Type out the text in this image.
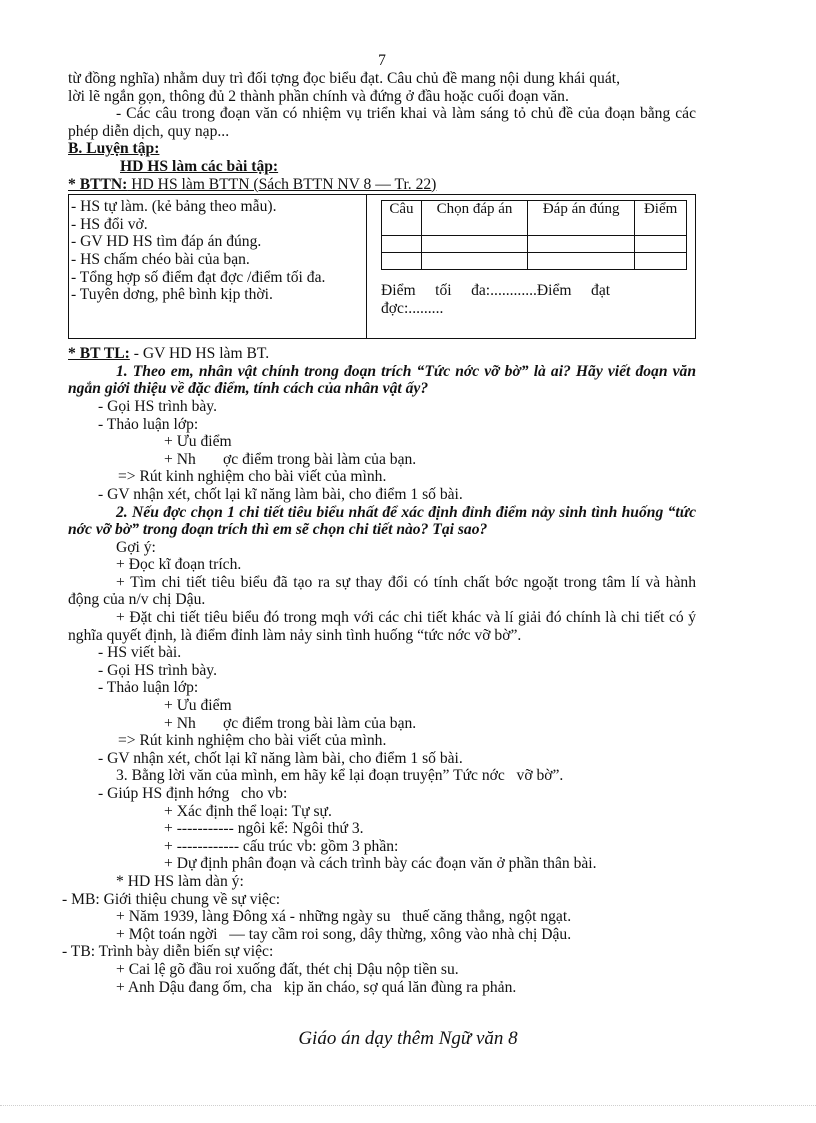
7
từ đồng nghĩa) nhằm duy trì đối tợng đọc biểu đạt. Câu chủ đề mang nội dung khái quát,
lời lẽ ngắn gọn, thông đủ 2 thành phần chính và đứng ở đầu hoặc cuối đoạn văn.
- Các câu trong đoạn văn có nhiệm vụ triển khai và làm sáng tỏ chủ đề của đoạn bằng các phép diễn dịch, quy nạp...
B. Luyện tập:
HD HS làm các bài tập:
* BTTN: HD HS làm BTTN (Sách BTTN NV 8 — Tr. 22)
- HS tự làm. (kẻ bảng theo mẫu).
- HS đổi vở.
- GV HD HS tìm đáp án đúng.
- HS chấm chéo bài của bạn.
- Tổng hợp số điểm đạt đợc /điểm tối đa.
- Tuyên dơng, phê bình kịp thời.
Câu	Chọn đáp án	Đáp án đúng	Điểm

Điểm     tối     đa:............Điểm     đạt
đợc:.........
* BT TL: - GV HD HS làm BT.
1. Theo em, nhân vật chính trong đoạn trích “Tức nớc vỡ bờ” là ai? Hãy viết đoạn văn ngắn giới thiệu về đặc điểm, tính cách của nhân vật ấy?
- Gọi HS trình bày.
- Thảo luận lớp:
+ Ưu điểm
+ Nh       ợc điểm trong bài làm của bạn.
=> Rút kinh nghiệm cho bài viết của mình.
- GV nhận xét, chốt lại kĩ năng làm bài, cho điểm 1 số bài.
2. Nếu đợc chọn 1 chi tiết tiêu biểu nhất để xác định đỉnh điểm nảy sinh tình huống “tức nớc vỡ bờ” trong đoạn trích thì em sẽ chọn chi tiết nào? Tại sao?
Gợi ý:
+ Đọc kĩ đoạn trích.
+ Tìm chi tiết tiêu biểu đã tạo ra sự thay đổi có tính chất bớc ngoặt trong tâm lí và hành động của n/v chị Dậu.
+ Đặt chi tiết tiêu biểu đó trong mqh với các chi tiết khác và lí giải đó chính là chi tiết có ý nghĩa quyết định, là điểm đỉnh làm nảy sinh tình huống “tức nớc vỡ bờ”.
- HS viết bài.
- Gọi HS trình bày.
- Thảo luận lớp:
+ Ưu điểm
+ Nh       ợc điểm trong bài làm của bạn.
=> Rút kinh nghiệm cho bài viết của mình.
- GV nhận xét, chốt lại kĩ năng làm bài, cho điểm 1 số bài.
3. Bằng lời văn của mình, em hãy kể lại đoạn truyện” Tức nớc   vỡ bờ”.
- Giúp HS định hớng   cho vb:
+ Xác định thể loại: Tự sự.
+ ----------- ngôi kể: Ngôi thứ 3.
+ ------------ cấu trúc vb: gồm 3 phần:
+ Dự định phân đoạn và cách trình bày các đoạn văn ở phần thân bài.
* HD HS làm dàn ý:
- MB: Giới thiệu chung về sự việc:
+ Năm 1939, làng Đông xá - những ngày su   thuế căng thẳng, ngột ngạt.
+ Một toán ngời   — tay cầm roi song, dây thừng, xông vào nhà chị Dậu.
- TB: Trình bày diễn biến sự việc:
+ Cai lệ gõ đầu roi xuống đất, thét chị Dậu nộp tiền su.
+ Anh Dậu đang ốm, cha   kịp ăn cháo, sợ quá lăn đùng ra phản.
Giáo án dạy thêm Ngữ văn 8
